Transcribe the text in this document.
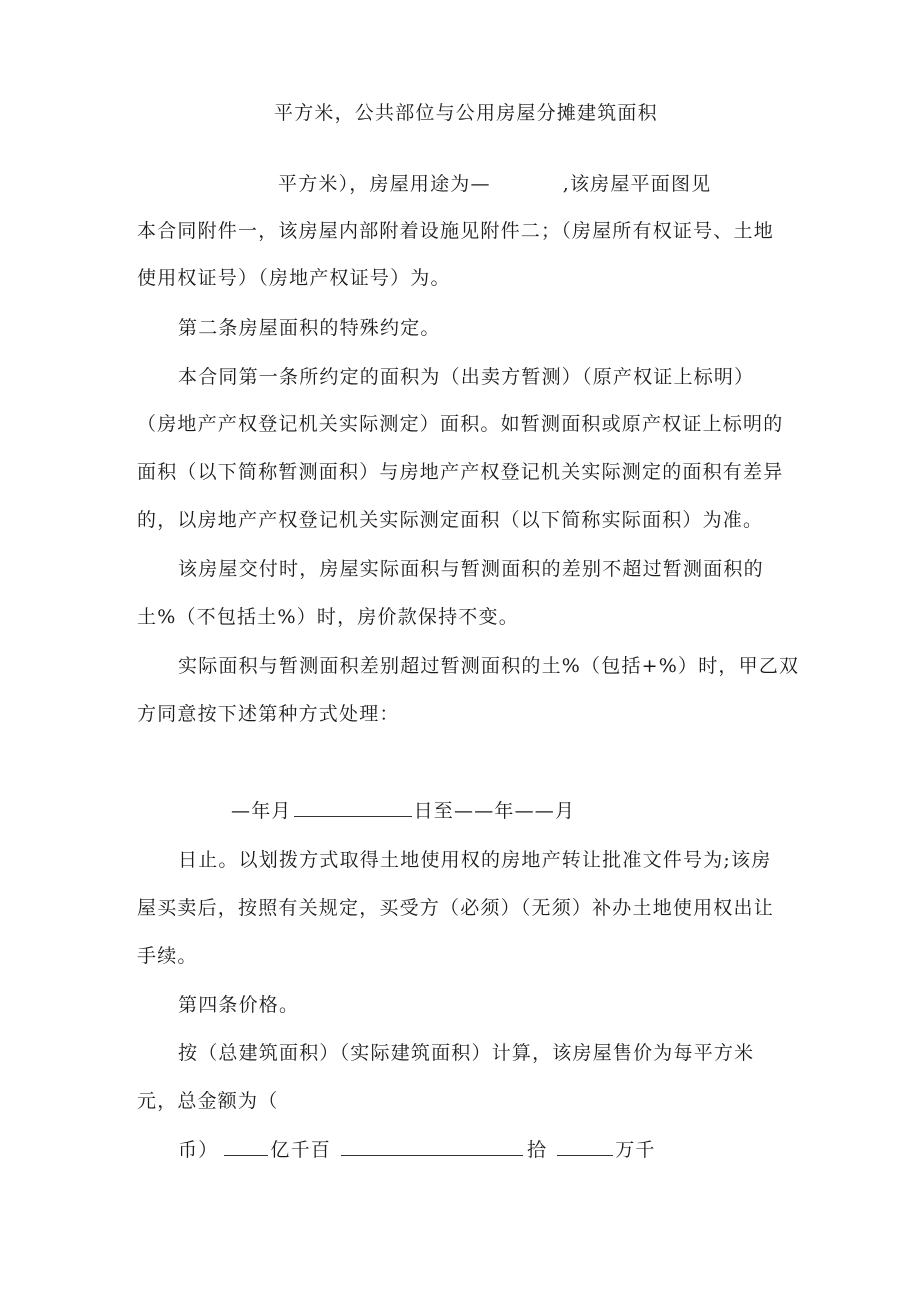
平方米，公共部位与公用房屋分摊建筑面积
平方米），房屋用途为—	,该房屋平面图见
本合同附件一，该房屋内部附着设施见附件二；（房屋所有权证号、土地
使用权证号）（房地产权证号）为。
第二条房屋面积的特殊约定。
本合同第一条所约定的面积为（出卖方暂测）（原产权证上标明）
（房地产产权登记机关实际测定）面积。如暂测面积或原产权证上标明的
面积（以下简称暂测面积）与房地产产权登记机关实际测定的面积有差异
的，以房地产产权登记机关实际测定面积（以下简称实际面积）为准。
该房屋交付时，房屋实际面积与暂测面积的差别不超过暂测面积的
土%（不包括土%）时，房价款保持不变。
实际面积与暂测面积差别超过暂测面积的土%（包括+%）时，甲乙双
方同意按下述第种方式处理：
—年月	日至——年——月
日止。以划拨方式取得土地使用权的房地产转让批准文件号为;该房
屋买卖后，按照有关规定，买受方（必须）（无须）补办土地使用权出让
手续。
第四条价格。
按（总建筑面积）（实际建筑面积）计算，该房屋售价为每平方米
元，总金额为（
币）	亿千百	拾	万千
